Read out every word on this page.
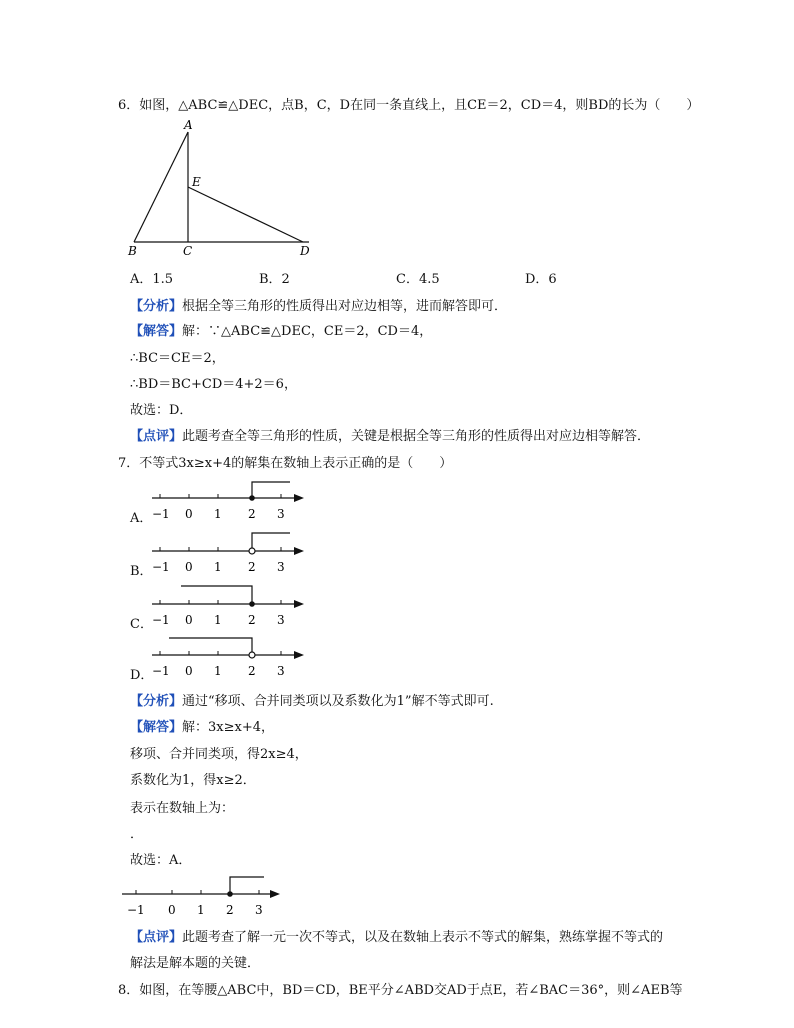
6．如图，△ABC≌△DEC，点B，C，D在同一条直线上，且CE＝2，CD＝4，则BD的长为（　　）
A
E
B	C	D
A．1.5	B．2	C．4.5	D．6
【分析】根据全等三角形的性质得出对应边相等，进而解答即可．
【解答】解：∵△ABC≌△DEC，CE＝2，CD＝4，
∴BC＝CE＝2，
∴BD＝BC+CD＝4+2＝6，
故选：D．
【点评】此题考查全等三角形的性质，关键是根据全等三角形的性质得出对应边相等解答．
7．不等式3x≥x+4的解集在数轴上表示正确的是（　　）
A． −1 0 1 2 3
B． −1 0 1 2 3
C． −1 0 1 2 3
D．
−1 0 1 2 3
【分析】通过“移项、合并同类项以及系数化为1”解不等式即可.
【解答】解：3x≥x+4，
移项、合并同类项，得2x≥4，
系数化为1，得x≥2．
表示在数轴上为：
．
故选：A．
−1 0 1 2 3
【点评】此题考查了解一元一次不等式，以及在数轴上表示不等式的解集，熟练掌握不等式的
解法是解本题的关键．
8．如图，在等腰△ABC中，BD＝CD，BE平分∠ABD交AD于点E，若∠BAC＝36°，则∠AEB等
